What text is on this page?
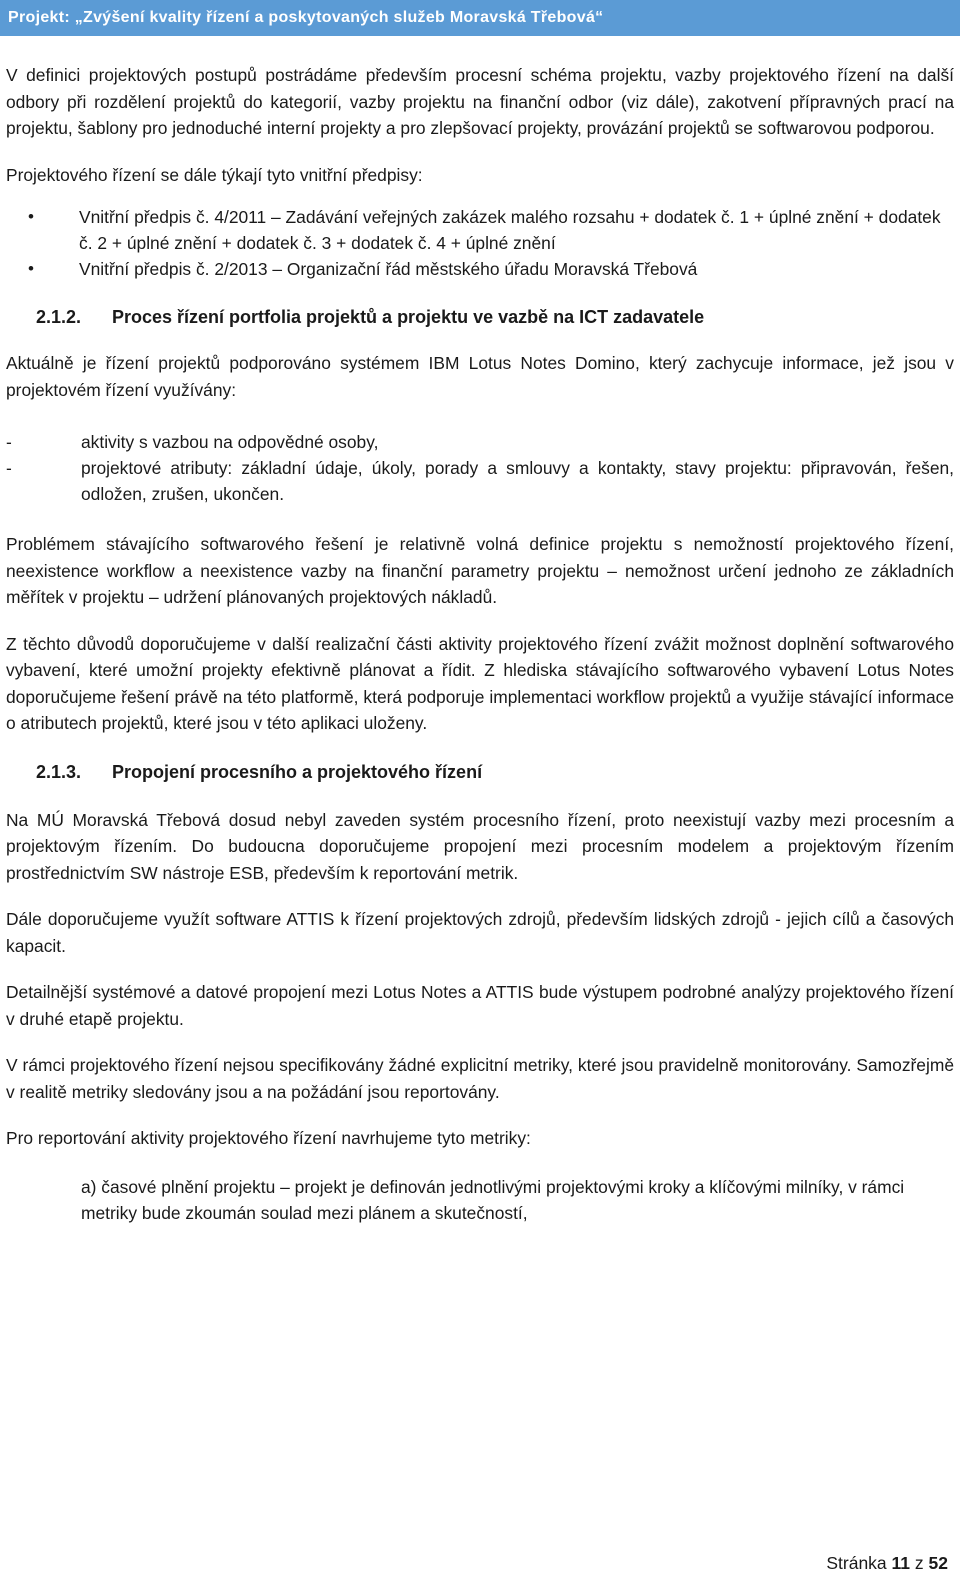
Projekt: „Zvýšení kvality řízení a poskytovaných služeb Moravská Třebová“

V definici projektových postupů postrádáme především procesní schéma projektu, vazby projektového řízení na další odbory při rozdělení projektů do kategorií, vazby projektu na finanční odbor (viz dále), zakotvení přípravných prací na projektu, šablony pro jednoduché interní projekty a pro zlepšovací projekty, provázání projektů se softwarovou podporou.

Projektového řízení se dále týkají tyto vnitřní předpisy:

• Vnitřní předpis č. 4/2011 – Zadávání veřejných zakázek malého rozsahu + dodatek č. 1 + úplné znění + dodatek č. 2 + úplné znění + dodatek č. 3 + dodatek č. 4 + úplné znění
• Vnitřní předpis č. 2/2013 – Organizační řád městského úřadu Moravská Třebová
2.1.2. Proces řízení portfolia projektů a projektu ve vazbě na ICT zadavatele

Aktuálně je řízení projektů podporováno systémem IBM Lotus Notes Domino, který zachycuje informace, jež jsou v projektovém řízení využívány:

-	aktivity s vazbou na odpovědné osoby,
-	projektové atributy: základní údaje, úkoly, porady a smlouvy a kontakty, stavy projektu: připravován, řešen, odložen, zrušen, ukončen.

Problémem stávajícího softwarového řešení je relativně volná definice projektu s nemožností projektového řízení, neexistence workflow a neexistence vazby na finanční parametry projektu – nemožnost určení jednoho ze základních měřítek v projektu – udržení plánovaných projektových nákladů.

Z těchto důvodů doporučujeme v další realizační části aktivity projektového řízení zvážit možnost doplnění softwarového vybavení, které umožní projekty efektivně plánovat a řídit. Z hlediska stávajícího softwarového vybavení Lotus Notes doporučujeme řešení právě na této platformě, která podporuje implementaci workflow projektů a využije stávající informace o atributech projektů, které jsou v této aplikaci uloženy.

2.1.3. Propojení procesního a projektového řízení

Na MÚ Moravská Třebová dosud nebyl zaveden systém procesního řízení, proto neexistují vazby mezi procesním a projektovým řízením. Do budoucna doporučujeme propojení mezi procesním modelem a projektovým řízením prostřednictvím SW nástroje ESB, především k reportování metrik.

Dále doporučujeme využít software ATTIS k řízení projektových zdrojů, především lidských zdrojů - jejich cílů a časových kapacit.

Detailnější systémové a datové propojení mezi Lotus Notes a ATTIS bude výstupem podrobné analýzy projektového řízení v druhé etapě projektu.

V rámci projektového řízení nejsou specifikovány žádné explicitní metriky, které jsou pravidelně monitorovány. Samozřejmě v realitě metriky sledovány jsou a na požádání jsou reportovány.

Pro reportování aktivity projektového řízení navrhujeme tyto metriky:

a) časové plnění projektu – projekt je definován jednotlivými projektovými kroky a klíčovými milníky, v rámci metriky bude zkoumán soulad mezi plánem a skutečností,
Stránka 11 z 52
